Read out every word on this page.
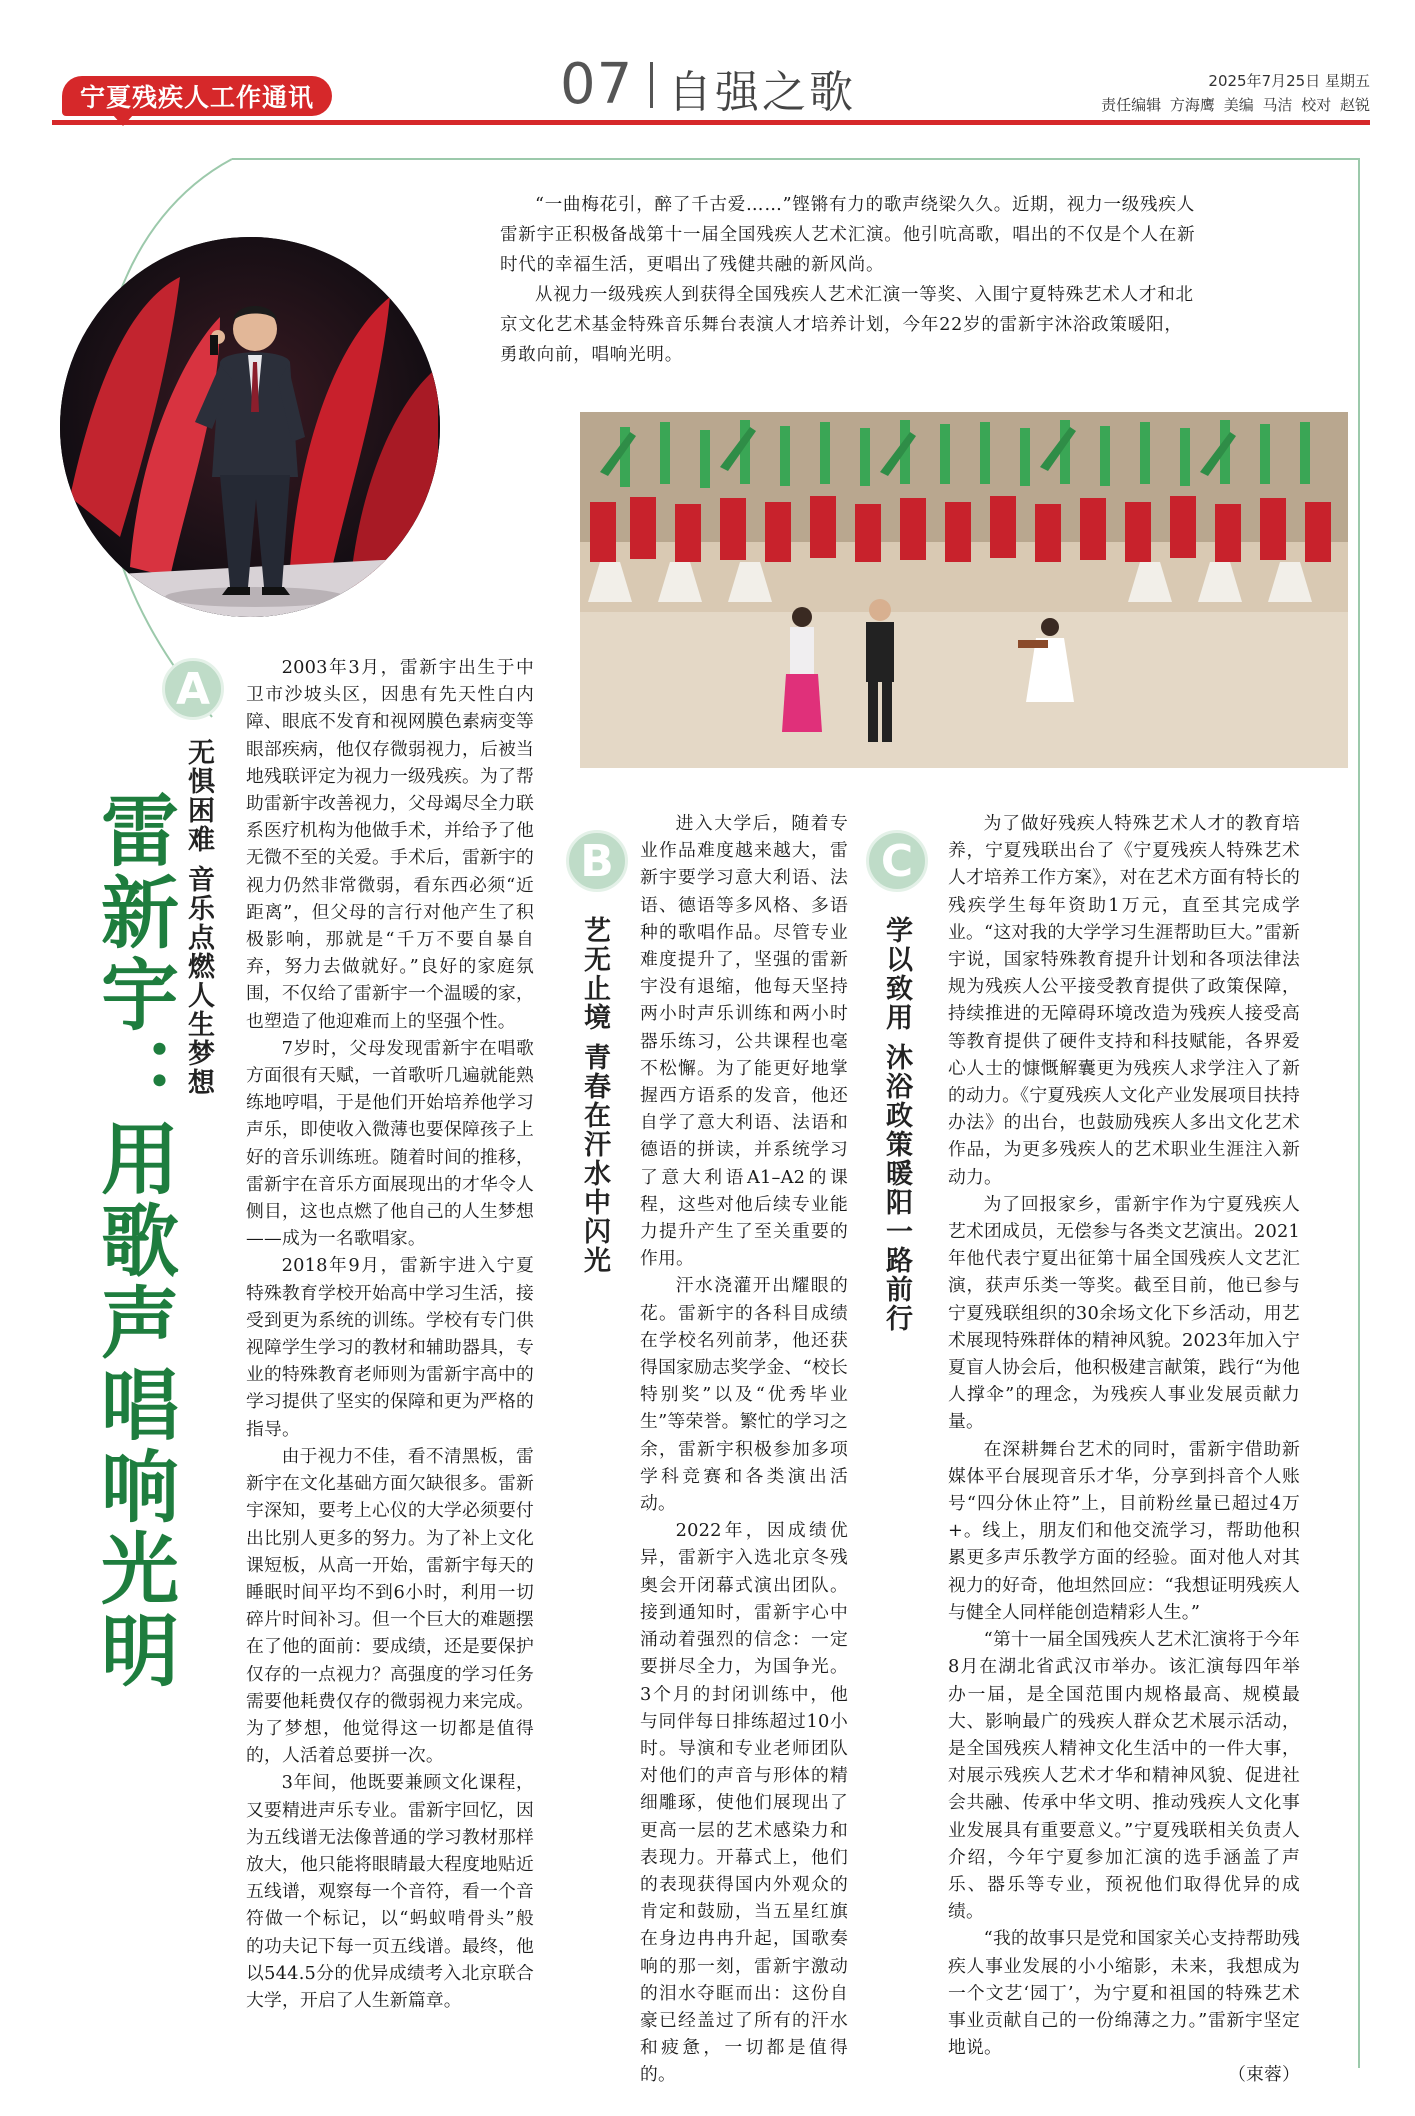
宁夏残疾人工作通讯	07 自强之歌	2025年7月25日 星期五
责任编辑 方海鹰 美编 马洁 校对 赵锐

“一曲梅花引，醉了千古爱……”铿锵有力的歌声绕梁久久。近期，视力一级残疾人雷新宇正积极备战第十一届全国残疾人艺术汇演。他引吭高歌，唱出的不仅是个人在新时代的幸福生活，更唱出了残健共融的新风尚。

从视力一级残疾人到获得全国残疾人艺术汇演一等奖、入围宁夏特殊艺术人才和北京文化艺术基金特殊音乐舞台表演人才培养计划，今年22岁的雷新宇沐浴政策暖阳，勇敢向前，唱响光明。

雷新宇：用歌声唱响光明
A
无惧困难 音乐点燃人生梦想

2003年3月，雷新宇出生于中卫市沙坡头区，因患有先天性白内障、眼底不发育和视网膜色素病变等眼部疾病，他仅存微弱视力，后被当地残联评定为视力一级残疾。为了帮助雷新宇改善视力，父母竭尽全力联系医疗机构为他做手术，并给予了他无微不至的关爱。手术后，雷新宇的视力仍然非常微弱，看东西必须“近距离”，但父母的言行对他产生了积极影响，那就是“千万不要自暴自弃，努力去做就好。”良好的家庭氛围，不仅给了雷新宇一个温暖的家，也塑造了他迎难而上的坚强个性。

7岁时，父母发现雷新宇在唱歌方面很有天赋，一首歌听几遍就能熟练地哼唱，于是他们开始培养他学习声乐，即使收入微薄也要保障孩子上好的音乐训练班。随着时间的推移，雷新宇在音乐方面展现出的才华令人侧目，这也点燃了他自己的人生梦想——成为一名歌唱家。

2018年9月，雷新宇进入宁夏特殊教育学校开始高中学习生活，接受到更为系统的训练。学校有专门供视障学生学习的教材和辅助器具，专业的特殊教育老师则为雷新宇高中的学习提供了坚实的保障和更为严格的指导。

由于视力不佳，看不清黑板，雷新宇在文化基础方面欠缺很多。雷新宇深知，要考上心仪的大学必须要付出比别人更多的努力。为了补上文化课短板，从高一开始，雷新宇每天的睡眠时间平均不到6小时，利用一切碎片时间补习。但一个巨大的难题摆在了他的面前：要成绩，还是要保护仅存的一点视力？高强度的学习任务需要他耗费仅存的微弱视力来完成。为了梦想，他觉得这一切都是值得的，人活着总要拼一次。

3年间，他既要兼顾文化课程，又要精进声乐专业。雷新宇回忆，因为五线谱无法像普通的学习教材那样放大，他只能将眼睛最大程度地贴近五线谱，观察每一个音符，看一个音符做一个标记，以“蚂蚁啃骨头”般的功夫记下每一页五线谱。最终，他以544.5分的优异成绩考入北京联合大学，开启了人生新篇章。

B
艺无止境 青春在汗水中闪光

进入大学后，随着专业作品难度越来越大，雷新宇要学习意大利语、法语、德语等多风格、多语种的歌唱作品。尽管专业难度提升了，坚强的雷新宇没有退缩，他每天坚持两小时声乐训练和两小时器乐练习，公共课程也毫不松懈。为了能更好地掌握西方语系的发音，他还自学了意大利语、法语和德语的拼读，并系统学习了意大利语A1–A2的课程，这些对他后续专业能力提升产生了至关重要的作用。

汗水浇灌开出耀眼的花。雷新宇的各科目成绩在学校名列前茅，他还获得国家励志奖学金、“校长特别奖”以及“优秀毕业生”等荣誉。繁忙的学习之余，雷新宇积极参加多项学科竞赛和各类演出活动。

2022年，因成绩优异，雷新宇入选北京冬残奥会开闭幕式演出团队。接到通知时，雷新宇心中涌动着强烈的信念：一定要拼尽全力，为国争光。3个月的封闭训练中，他与同伴每日排练超过10小时。导演和专业老师团队对他们的声音与形体的精细雕琢，使他们展现出了更高一层的艺术感染力和表现力。开幕式上，他们的表现获得国内外观众的肯定和鼓励，当五星红旗在身边冉冉升起，国歌奏响的那一刻，雷新宇激动的泪水夺眶而出：这份自豪已经盖过了所有的汗水和疲惫，一切都是值得的。

C
学以致用 沐浴政策暖阳一路前行

为了做好残疾人特殊艺术人才的教育培养，宁夏残联出台了《宁夏残疾人特殊艺术人才培养工作方案》，对在艺术方面有特长的残疾学生每年资助1万元，直至其完成学业。“这对我的大学学习生涯帮助巨大。”雷新宇说，国家特殊教育提升计划和各项法律法规为残疾人公平接受教育提供了政策保障，持续推进的无障碍环境改造为残疾人接受高等教育提供了硬件支持和科技赋能，各界爱心人士的慷慨解囊更为残疾人求学注入了新的动力。《宁夏残疾人文化产业发展项目扶持办法》的出台，也鼓励残疾人多出文化艺术作品，为更多残疾人的艺术职业生涯注入新动力。

为了回报家乡，雷新宇作为宁夏残疾人艺术团成员，无偿参与各类文艺演出。2021年他代表宁夏出征第十届全国残疾人文艺汇演，获声乐类一等奖。截至目前，他已参与宁夏残联组织的30余场文化下乡活动，用艺术展现特殊群体的精神风貌。2023年加入宁夏盲人协会后，他积极建言献策，践行“为他人撑伞”的理念，为残疾人事业发展贡献力量。

在深耕舞台艺术的同时，雷新宇借助新媒体平台展现音乐才华，分享到抖音个人账号“四分休止符”上，目前粉丝量已超过4万+。线上，朋友们和他交流学习，帮助他积累更多声乐教学方面的经验。面对他人对其视力的好奇，他坦然回应：“我想证明残疾人与健全人同样能创造精彩人生。”

“第十一届全国残疾人艺术汇演将于今年8月在湖北省武汉市举办。该汇演每四年举办一届，是全国范围内规格最高、规模最大、影响最广的残疾人群众艺术展示活动，是全国残疾人精神文化生活中的一件大事，对展示残疾人艺术才华和精神风貌、促进社会共融、传承中华文明、推动残疾人文化事业发展具有重要意义。”宁夏残联相关负责人介绍，今年宁夏参加汇演的选手涵盖了声乐、器乐等专业，预祝他们取得优异的成绩。

“我的故事只是党和国家关心支持帮助残疾人事业发展的小小缩影，未来，我想成为一个文艺‘园丁’，为宁夏和祖国的特殊艺术事业贡献自己的一份绵薄之力。”雷新宇坚定地说。

（束蓉）
